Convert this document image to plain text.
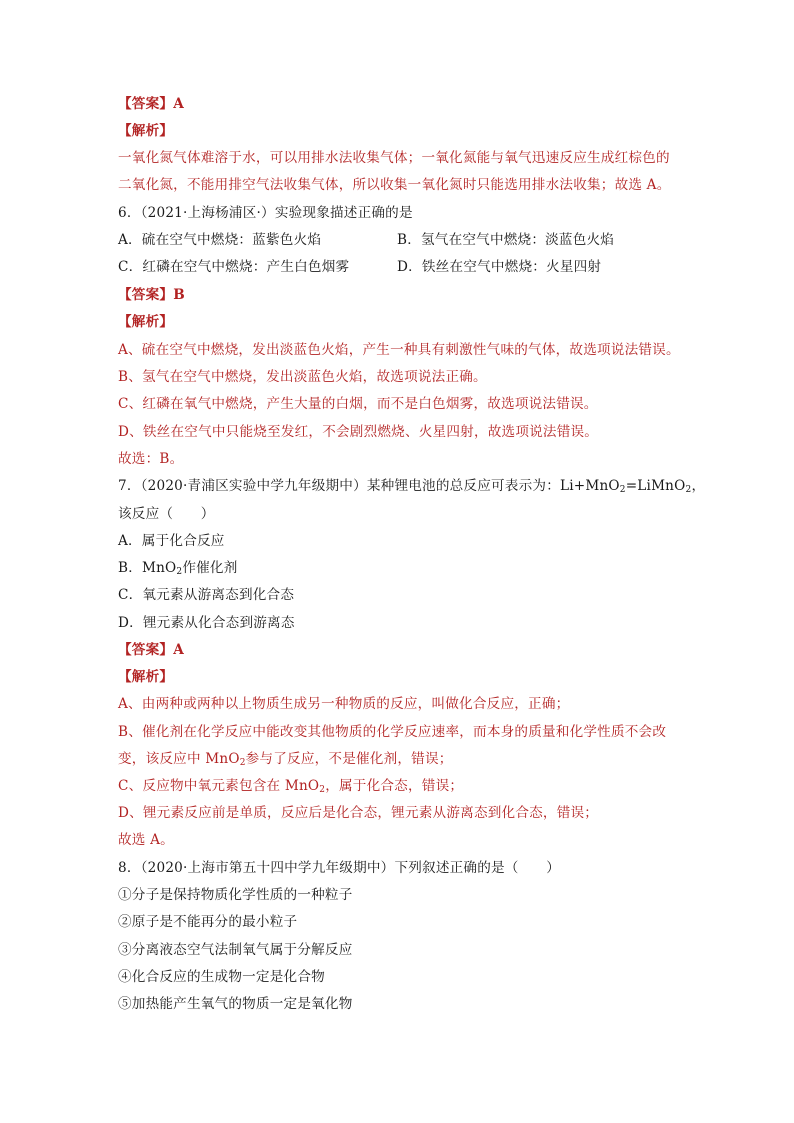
【答案】A
【解析】
一氧化氮气体难溶于水，可以用排水法收集气体；一氧化氮能与氧气迅速反应生成红棕色的
二氧化氮，不能用排空气法收集气体，所以收集一氧化氮时只能选用排水法收集；故选 A。
6．（2021·上海杨浦区·）实验现象描述正确的是
A．硫在空气中燃烧：蓝紫色火焰	B．氢气在空气中燃烧：淡蓝色火焰
C．红磷在空气中燃烧：产生白色烟雾	D．铁丝在空气中燃烧：火星四射
【答案】B
【解析】
A、硫在空气中燃烧，发出淡蓝色火焰，产生一种具有刺激性气味的气体，故选项说法错误。
B、氢气在空气中燃烧，发出淡蓝色火焰，故选项说法正确。
C、红磷在氧气中燃烧，产生大量的白烟，而不是白色烟雾，故选项说法错误。
D、铁丝在空气中只能烧至发红，不会剧烈燃烧、火星四射，故选项说法错误。
故选：B。
7．（2020·青浦区实验中学九年级期中）某种锂电池的总反应可表示为：Li+MnO$_2$=LiMnO$_2$，
该反应（　　）
A．属于化合反应
B．MnO$_2$作催化剂
C．氧元素从游离态到化合态
D．锂元素从化合态到游离态
【答案】A
【解析】
A、由两种或两种以上物质生成另一种物质的反应，叫做化合反应，正确；
B、催化剂在化学反应中能改变其他物质的化学反应速率，而本身的质量和化学性质不会改
变，该反应中 MnO$_2$参与了反应，不是催化剂，错误；
C、反应物中氧元素包含在 MnO$_2$，属于化合态，错误；
D、锂元素反应前是单质，反应后是化合态，锂元素从游离态到化合态，错误；
故选 A。
8．（2020·上海市第五十四中学九年级期中）下列叙述正确的是（　　）
①分子是保持物质化学性质的一种粒子
②原子是不能再分的最小粒子
③分离液态空气法制氧气属于分解反应
④化合反应的生成物一定是化合物
⑤加热能产生氧气的物质一定是氧化物
